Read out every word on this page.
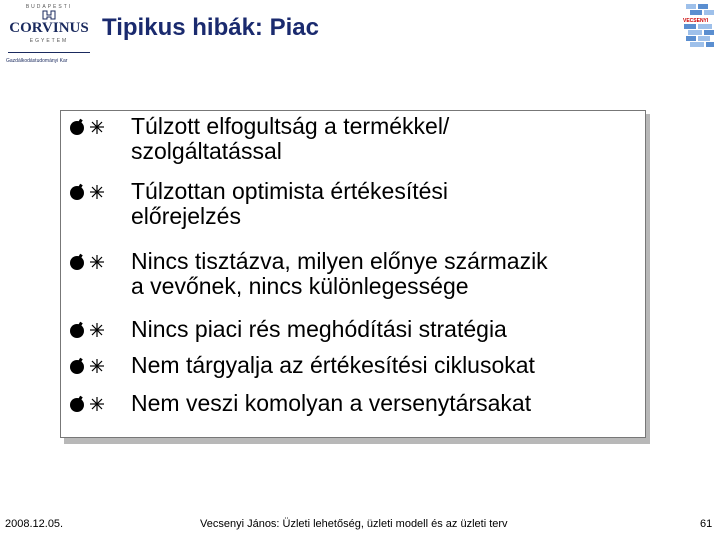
BUDAPESTI
CORVINUS
EGYETEM
Gazdálkodástudományi Kar
Tipikus hibák: Piac	VECSENYI
Túlzott elfogultság a termékkel/
szolgáltatással
Túlzottan optimista értékesítési
előrejelzés
Nincs tisztázva, milyen előnye származik
a vevőnek, nincs különlegessége
Nincs piaci rés meghódítási stratégia
Nem tárgyalja az értékesítési ciklusokat
Nem veszi komolyan a versenytársakat
2008.12.05.	Vecsenyi János: Üzleti lehetőség, üzleti modell és az üzleti terv	61
